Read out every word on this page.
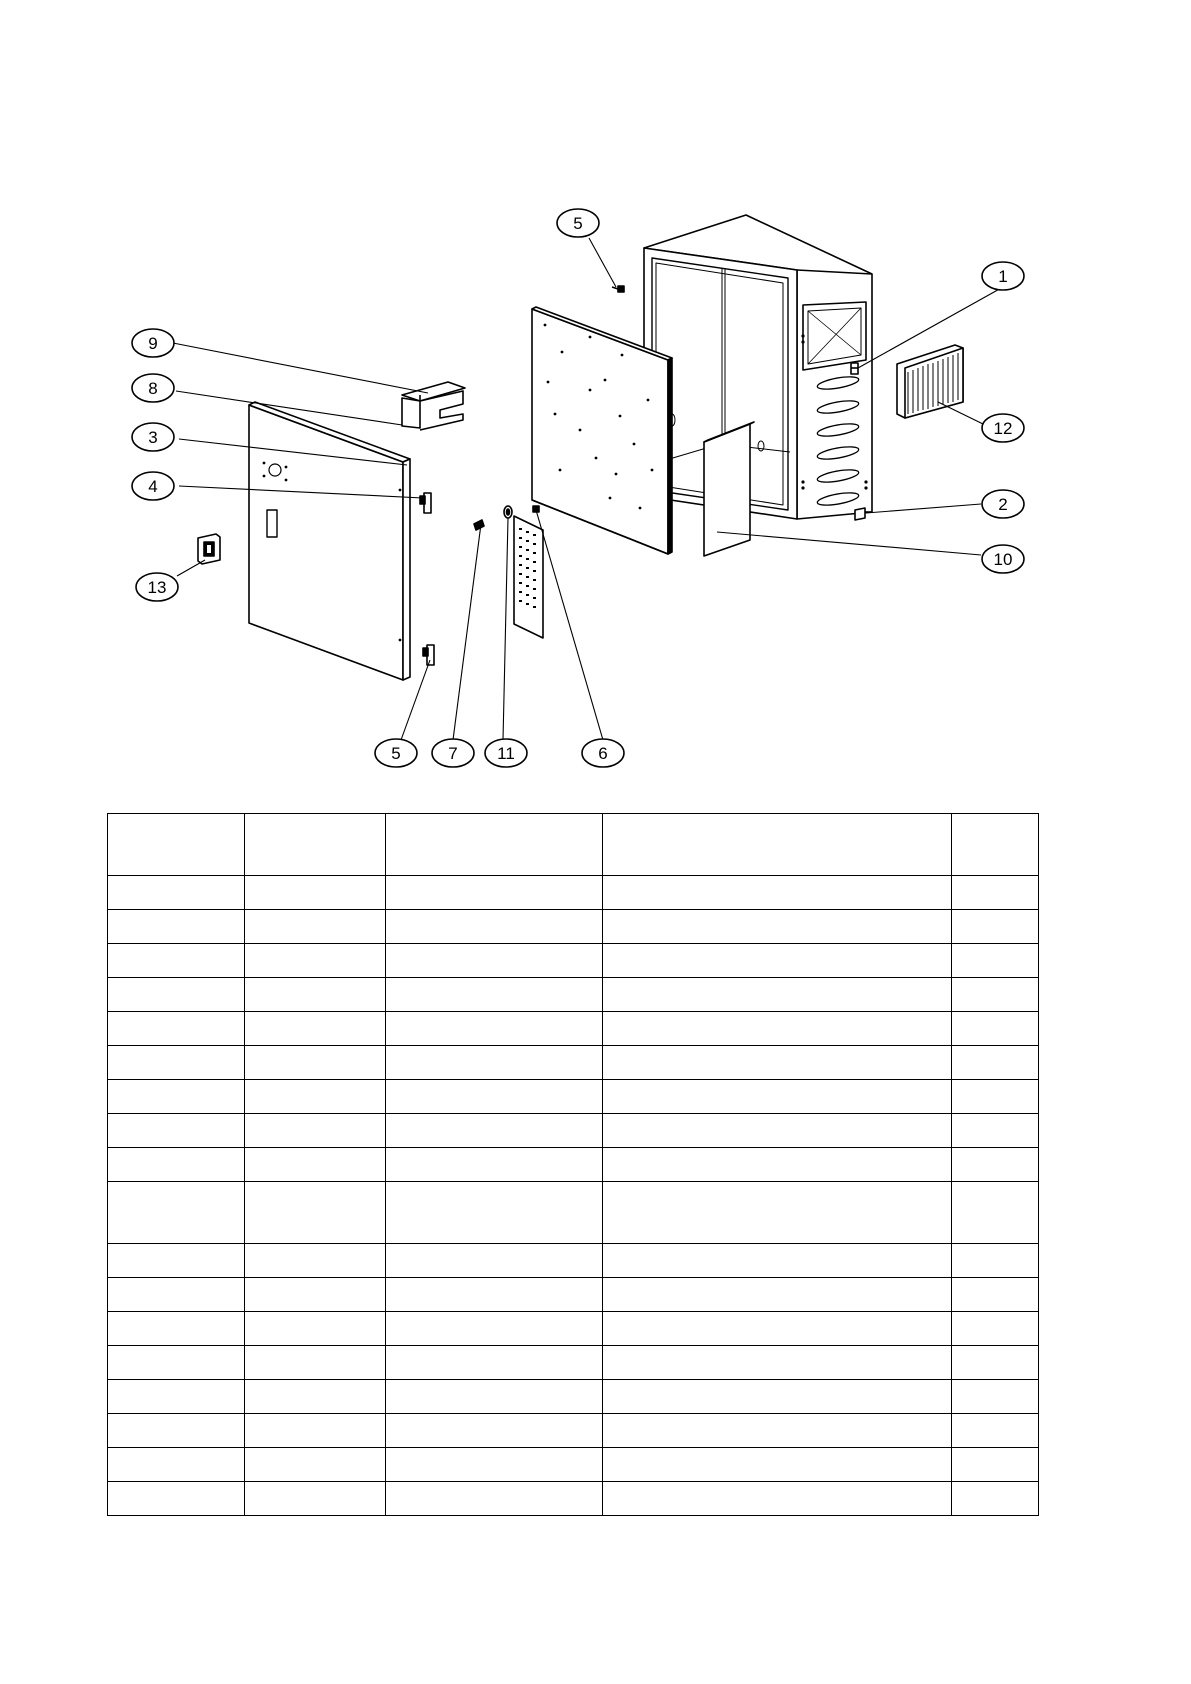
1
2
3
4
5
5	6
7
8
9
10
11
12
13
